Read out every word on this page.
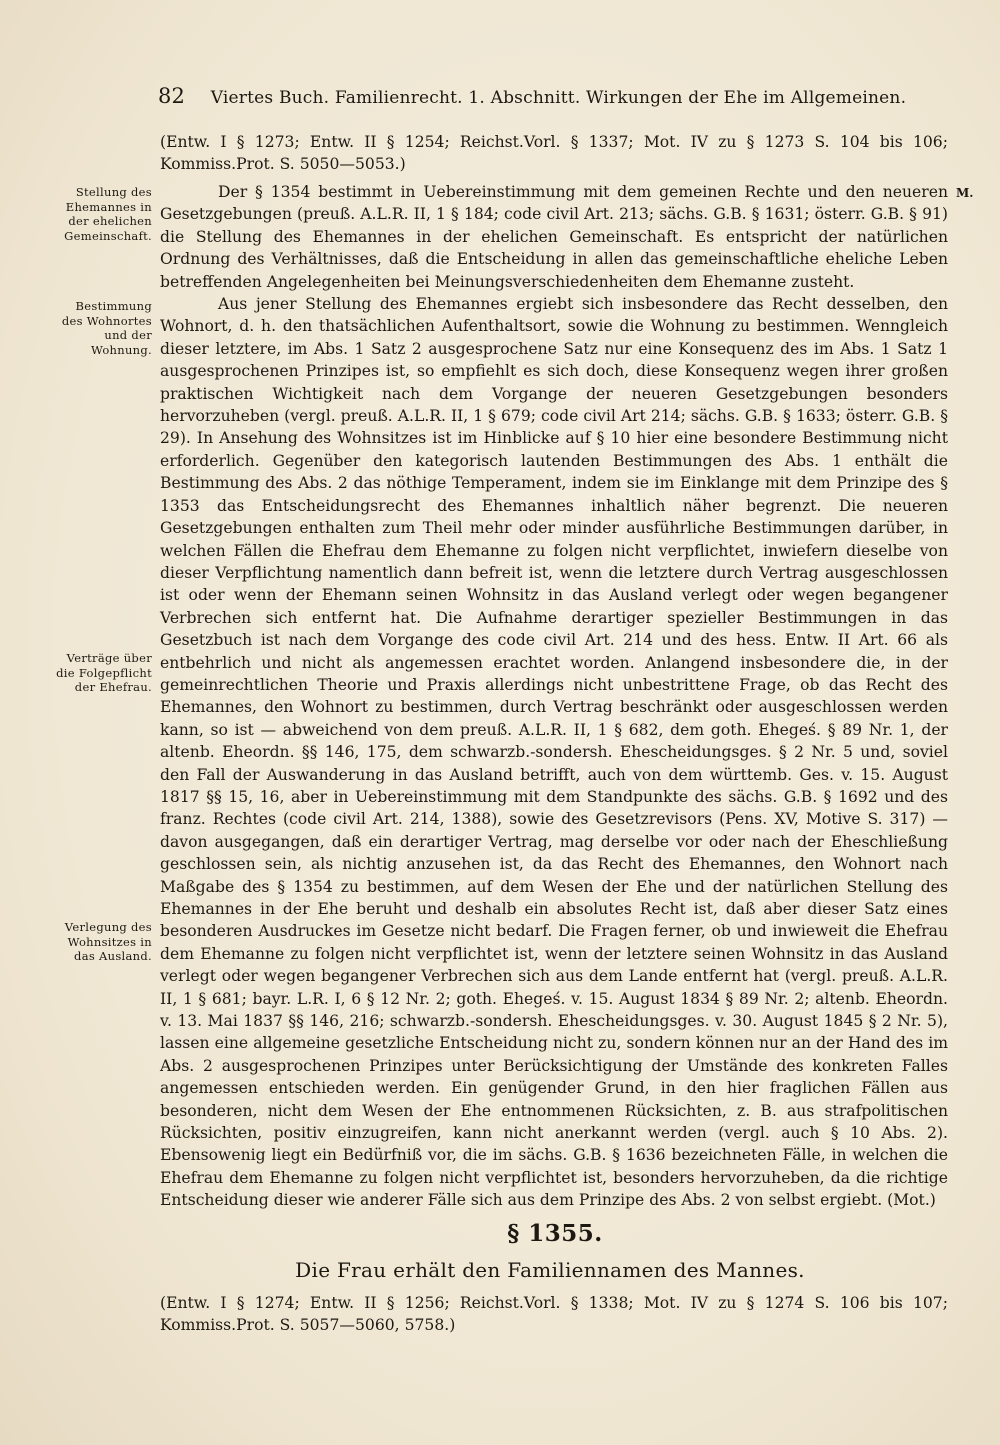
82 Viertes Buch. Familienrecht. 1. Abschnitt. Wirkungen der Ehe im Allgemeinen.

(Entw. I § 1273; Entw. II § 1254; Reichst.Vorl. § 1337; Mot. IV zu § 1273 S. 104 bis 106; Kommiss.Prot. S. 5050—5053.)

Der § 1354 bestimmt in Uebereinstimmung mit dem gemeinen Rechte und den neueren Gesetzgebungen (preuß. A.L.R. II, 1 § 184; code civil Art. 213; sächs. G.B. § 1631; österr. G.B. § 91) die Stellung des Ehemannes in der ehelichen Gemeinschaft. Es entspricht der natürlichen Ordnung des Verhältnisses, daß die Entscheidung in allen das gemeinschaftliche eheliche Leben betreffenden Angelegenheiten bei Meinungsverschiedenheiten dem Ehemanne zusteht.

Aus jener Stellung des Ehemannes ergiebt sich insbesondere das Recht desselben, den Wohnort, d. h. den thatsächlichen Aufenthaltsort, sowie die Wohnung zu bestimmen. Wenngleich dieser letztere, im Abs. 1 Satz 2 ausgesprochene Satz nur eine Konsequenz des im Abs. 1 Satz 1 ausgesprochenen Prinzipes ist, so empfiehlt es sich doch, diese Konsequenz wegen ihrer großen praktischen Wichtigkeit nach dem Vorgange der neueren Gesetzgebungen besonders hervorzuheben (vergl. preuß. A.L.R. II, 1 § 679; code civil Art 214; sächs. G.B. § 1633; österr. G.B. § 29). In Ansehung des Wohnsitzes ist im Hinblicke auf § 10 hier eine besondere Bestimmung nicht erforderlich. Gegenüber den kategorisch lautenden Bestimmungen des Abs. 1 enthält die Bestimmung des Abs. 2 das nöthige Temperament, indem sie im Einklange mit dem Prinzipe des § 1353 das Entscheidungsrecht des Ehemannes inhaltlich näher begrenzt. Die neueren Gesetzgebungen enthalten zum Theil mehr oder minder ausführliche Bestimmungen darüber, in welchen Fällen die Ehefrau dem Ehemanne zu folgen nicht verpflichtet, inwiefern dieselbe von dieser Verpflichtung namentlich dann befreit ist, wenn die letztere durch Vertrag ausgeschlossen ist oder wenn der Ehemann seinen Wohnsitz in das Ausland verlegt oder wegen begangener Verbrechen sich entfernt hat. Die Aufnahme derartiger spezieller Bestimmungen in das Gesetzbuch ist nach dem Vorgange des code civil Art. 214 und des hess. Entw. II Art. 66 als entbehrlich und nicht als angemessen erachtet worden. Anlangend insbesondere die, in der gemeinrechtlichen Theorie und Praxis allerdings nicht unbestrittene Frage, ob das Recht des Ehemannes, den Wohnort zu bestimmen, durch Vertrag beschränkt oder ausgeschlossen werden kann, so ist — abweichend von dem preuß. A.L.R. II, 1 § 682, dem goth. Ehegeś. § 89 Nr. 1, der altenb. Eheordn. §§ 146, 175, dem schwarzb.-sondersh. Ehescheidungsges. § 2 Nr. 5 und, soviel den Fall der Auswanderung in das Ausland betrifft, auch von dem württemb. Ges. v. 15. August 1817 §§ 15, 16, aber in Uebereinstimmung mit dem Standpunkte des sächs. G.B. § 1692 und des franz. Rechtes (code civil Art. 214, 1388), sowie des Gesetzrevisors (Pens. XV, Motive S. 317) — davon ausgegangen, daß ein derartiger Vertrag, mag derselbe vor oder nach der Eheschließung geschlossen sein, als nichtig anzusehen ist, da das Recht des Ehemannes, den Wohnort nach Maßgabe des § 1354 zu bestimmen, auf dem Wesen der Ehe und der natürlichen Stellung des Ehemannes in der Ehe beruht und deshalb ein absolutes Recht ist, daß aber dieser Satz eines besonderen Ausdruckes im Gesetze nicht bedarf. Die Fragen ferner, ob und inwieweit die Ehefrau dem Ehemanne zu folgen nicht verpflichtet ist, wenn der letztere seinen Wohnsitz in das Ausland verlegt oder wegen begangener Verbrechen sich aus dem Lande entfernt hat (vergl. preuß. A.L.R. II, 1 § 681; bayr. L.R. I, 6 § 12 Nr. 2; goth. Ehegeś. v. 15. August 1834 § 89 Nr. 2; altenb. Eheordn. v. 13. Mai 1837 §§ 146, 216; schwarzb.-sondersh. Ehescheidungsges. v. 30. August 1845 § 2 Nr. 5), lassen eine allgemeine gesetzliche Entscheidung nicht zu, sondern können nur an der Hand des im Abs. 2 ausgesprochenen Prinzipes unter Berücksichtigung der Umstände des konkreten Falles angemessen entschieden werden. Ein genügender Grund, in den hier fraglichen Fällen aus besonderen, nicht dem Wesen der Ehe entnommenen Rücksichten, z. B. aus strafpolitischen Rücksichten, positiv einzugreifen, kann nicht anerkannt werden (vergl. auch § 10 Abs. 2). Ebensowenig liegt ein Bedürfniß vor, die im sächs. G.B. § 1636 bezeichneten Fälle, in welchen die Ehefrau dem Ehemanne zu folgen nicht verpflichtet ist, besonders hervorzuheben, da die richtige Entscheidung dieser wie anderer Fälle sich aus dem Prinzipe des Abs. 2 von selbst ergiebt. (Mot.)

Stellung des Ehemannes in der ehelichen Gemeinschaft.
Bestimmung des Wohnortes und der Wohnung.
Verträge über die Folgepflicht der Ehefrau.
Verlegung des Wohnsitzes in das Ausland.
M.
§ 1355.
Die Frau erhält den Familiennamen des Mannes.

(Entw. I § 1274; Entw. II § 1256; Reichst.Vorl. § 1338; Mot. IV zu § 1274 S. 106 bis 107; Kommiss.Prot. S. 5057—5060, 5758.)
